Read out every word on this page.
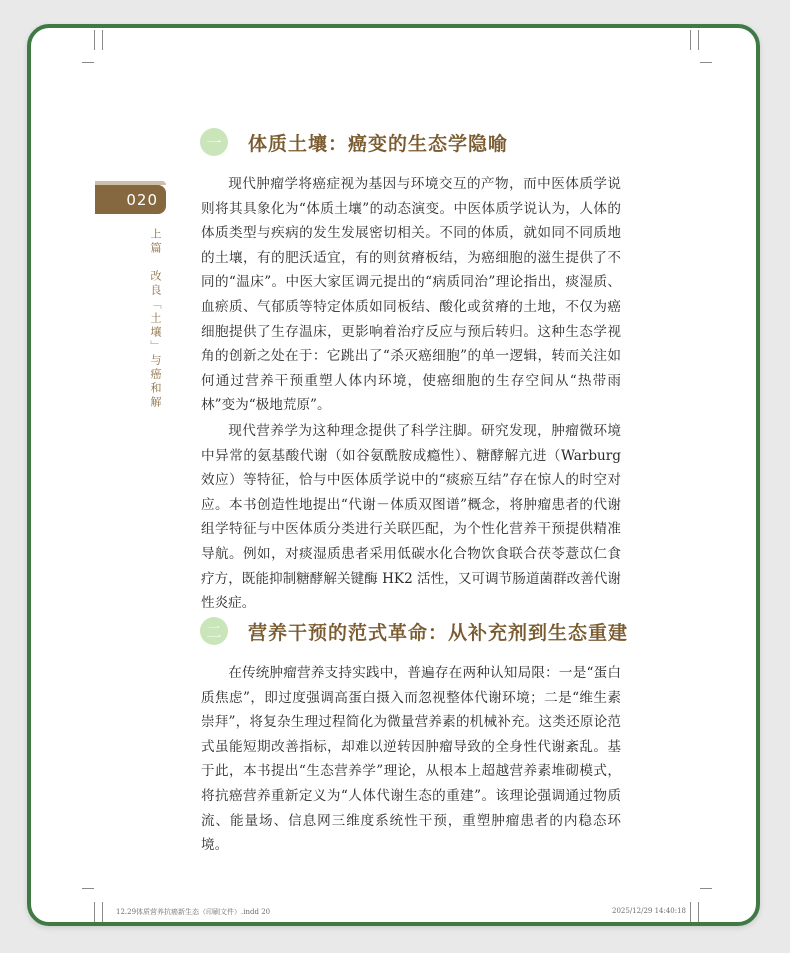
020
上篇　改良「土壤」与癌和解
一	体质土壤：癌变的生态学隐喻

现代肿瘤学将癌症视为基因与环境交互的产物，而中医体质学说则将其具象化为“体质土壤”的动态演变。中医体质学说认为，人体的体质类型与疾病的发生发展密切相关。不同的体质，就如同不同质地的土壤，有的肥沃适宜，有的则贫瘠板结，为癌细胞的滋生提供了不同的“温床”。中医大家匡调元提出的“病质同治”理论指出，痰湿质、血瘀质、气郁质等特定体质如同板结、酸化或贫瘠的土地，不仅为癌细胞提供了生存温床，更影响着治疗反应与预后转归。这种生态学视角的创新之处在于：它跳出了“杀灭癌细胞”的单一逻辑，转而关注如何通过营养干预重塑人体内环境，使癌细胞的生存空间从“热带雨林”变为“极地荒原”。

现代营养学为这种理念提供了科学注脚。研究发现，肿瘤微环境中异常的氨基酸代谢（如谷氨酰胺成瘾性）、糖酵解亢进（Warburg 效应）等特征，恰与中医体质学说中的“痰瘀互结”存在惊人的时空对应。本书创造性地提出“代谢－体质双图谱”概念，将肿瘤患者的代谢组学特征与中医体质分类进行关联匹配，为个性化营养干预提供精准导航。例如，对痰湿质患者采用低碳水化合物饮食联合茯苓薏苡仁食疗方，既能抑制糖酵解关键酶 HK2 活性，又可调节肠道菌群改善代谢性炎症。

二	营养干预的范式革命：从补充剂到生态重建

在传统肿瘤营养支持实践中，普遍存在两种认知局限：一是“蛋白质焦虑”，即过度强调高蛋白摄入而忽视整体代谢环境；二是“维生素崇拜”，将复杂生理过程简化为微量营养素的机械补充。这类还原论范式虽能短期改善指标，却难以逆转因肿瘤导致的全身性代谢紊乱。基于此，本书提出“生态营养学”理论，从根本上超越营养素堆砌模式，将抗癌营养重新定义为“人体代谢生态的重建”。该理论强调通过物质流、能量场、信息网三维度系统性干预，重塑肿瘤患者的内稳态环境。

12.29体质营养抗癌新生态（印刷文件）.indd 20	2025/12/29 14:40:18
